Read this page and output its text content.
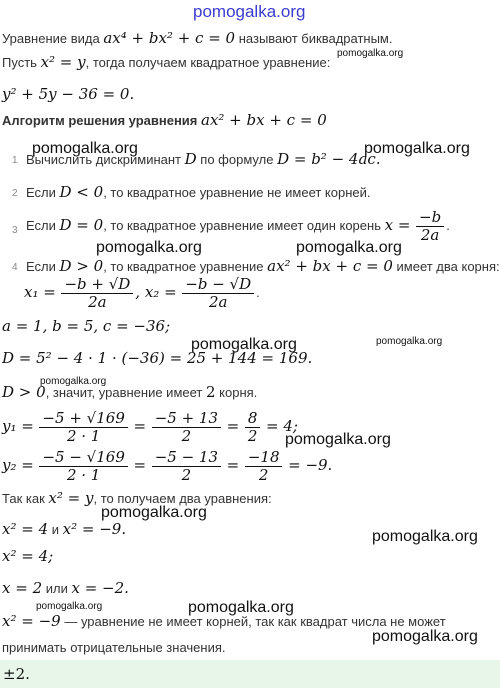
pomogalka.org
pomogalka.org
pomogalka.org	pomogalka.org
pomogalka.org	pomogalka.org
pomogalka.org	pomogalka.org
pomogalka.org
pomogalka.org
pomogalka.org
pomogalka.org
pomogalka.org	pomogalka.org
pomogalka.org
Уравнение вида ax⁴ + bx² + c = 0 называют биквадратным.
Пусть x² = y, тогда получаем квадратное уравнение:
y² + 5y − 36 = 0.
Алгоритм решения уравнения ax² + bx + c = 0
1 Вычислить дискриминант D по формуле D = b² − 4ac.
2 Если D < 0, то квадратное уравнение не имеет корней.
3 Если D = 0, то квадратное уравнение имеет один корень $x = \frac{-b}{2a}$ .
4 Если D > 0, то квадратное уравнение ax² + bx + c = 0 имеет два корня:
$x_1 = \frac{-b + √D}{2a}$ , $x_2 = \frac{-b - √D}{2a}$ .
a = 1, b = 5, c = −36;
D = 5² − 4 · 1 · (−36) = 25 + 144 = 169.
D > 0, значит, уравнение имеет 2 корня.
$y_1 = \frac{-5 + √169}{2 \cdot 1} = \frac{-5 + 13}{2} = \frac{8}{2} = 4$;
$y_2 = \frac{-5 - √169}{2 \cdot 1} = \frac{-5 - 13}{2} = \frac{-18}{2} = -9$.
Так как x² = y, то получаем два уравнения:
x² = 4 и x² = −9.
x² = 4;
x = 2 или x = −2.
x² = −9 — уравнение не имеет корней, так как квадрат числа не может
принимать отрицательные значения.
±2.
